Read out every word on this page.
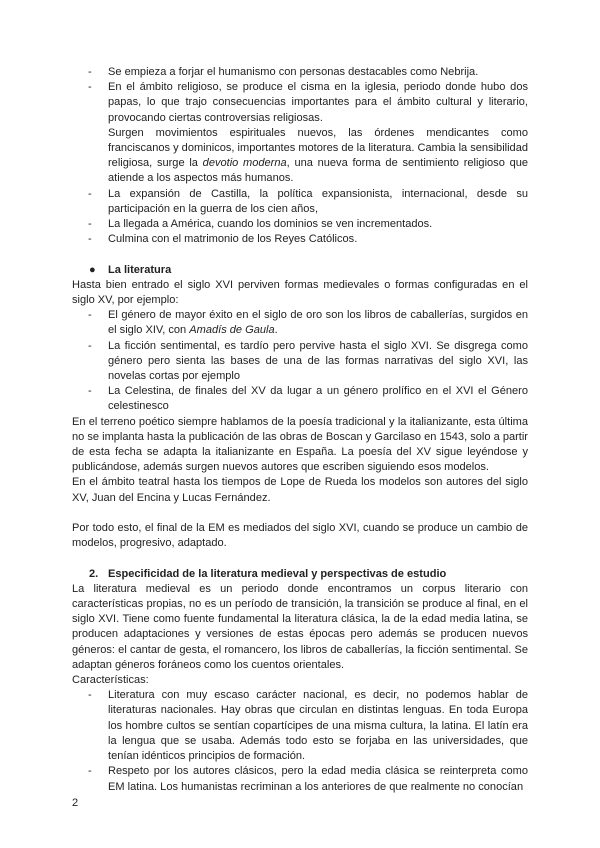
- Se empieza a forjar el humanismo con personas destacables como Nebrija.
- En el ámbito religioso, se produce el cisma en la iglesia, periodo donde hubo dos papas, lo que trajo consecuencias importantes para el ámbito cultural y literario, provocando ciertas controversias religiosas.
Surgen movimientos espirituales nuevos, las órdenes mendicantes como franciscanos y dominicos, importantes motores de la literatura. Cambia la sensibilidad religiosa, surge la devotio moderna, una nueva forma de sentimiento religioso que atiende a los aspectos más humanos.
- La expansión de Castilla, la política expansionista, internacional, desde su participación en la guerra de los cien años,
- La llegada a América, cuando los dominios se ven incrementados.
- Culmina con el matrimonio de los Reyes Católicos.
● La literatura
Hasta bien entrado el siglo XVI perviven formas medievales o formas configuradas en el siglo XV, por ejemplo:
- El género de mayor éxito en el siglo de oro son los libros de caballerías, surgidos en el siglo XIV, con Amadís de Gaula.
- La ficción sentimental, es tardío pero pervive hasta el siglo XVI. Se disgrega como género pero sienta las bases de una de las formas narrativas del siglo XVI, las novelas cortas por ejemplo
- La Celestina, de finales del XV da lugar a un género prolífico en el XVI el Género celestinesco
En el terreno poético siempre hablamos de la poesía tradicional y la italianizante, esta última no se implanta hasta la publicación de las obras de Boscan y Garcilaso en 1543, solo a partir de esta fecha se adapta la italianizante en España. La poesía del XV sigue leyéndose y publicándose, además surgen nuevos autores que escriben siguiendo esos modelos.
En el ámbito teatral hasta los tiempos de Lope de Rueda los modelos son autores del siglo XV, Juan del Encina y Lucas Fernández.
Por todo esto, el final de la EM es mediados del siglo XVI, cuando se produce un cambio de modelos, progresivo, adaptado.
2. Especificidad de la literatura medieval y perspectivas de estudio
La literatura medieval es un periodo donde encontramos un corpus literario con características propias, no es un período de transición, la transición se produce al final, en el siglo XVI. Tiene como fuente fundamental la literatura clásica, la de la edad media latina, se producen adaptaciones y versiones de estas épocas pero además se producen nuevos géneros: el cantar de gesta, el romancero, los libros de caballerías, la ficción sentimental. Se adaptan géneros foráneos como los cuentos orientales.
Características:
- Literatura con muy escaso carácter nacional, es decir, no podemos hablar de literaturas nacionales. Hay obras que circulan en distintas lenguas. En toda Europa los hombre cultos se sentían copartícipes de una misma cultura, la latina. El latín era la lengua que se usaba. Además todo esto se forjaba en las universidades, que tenían idénticos principios de formación.
- Respeto por los autores clásicos, pero la edad media clásica se reinterpreta como EM latina. Los humanistas recriminan a los anteriores de que realmente no conocían
2
